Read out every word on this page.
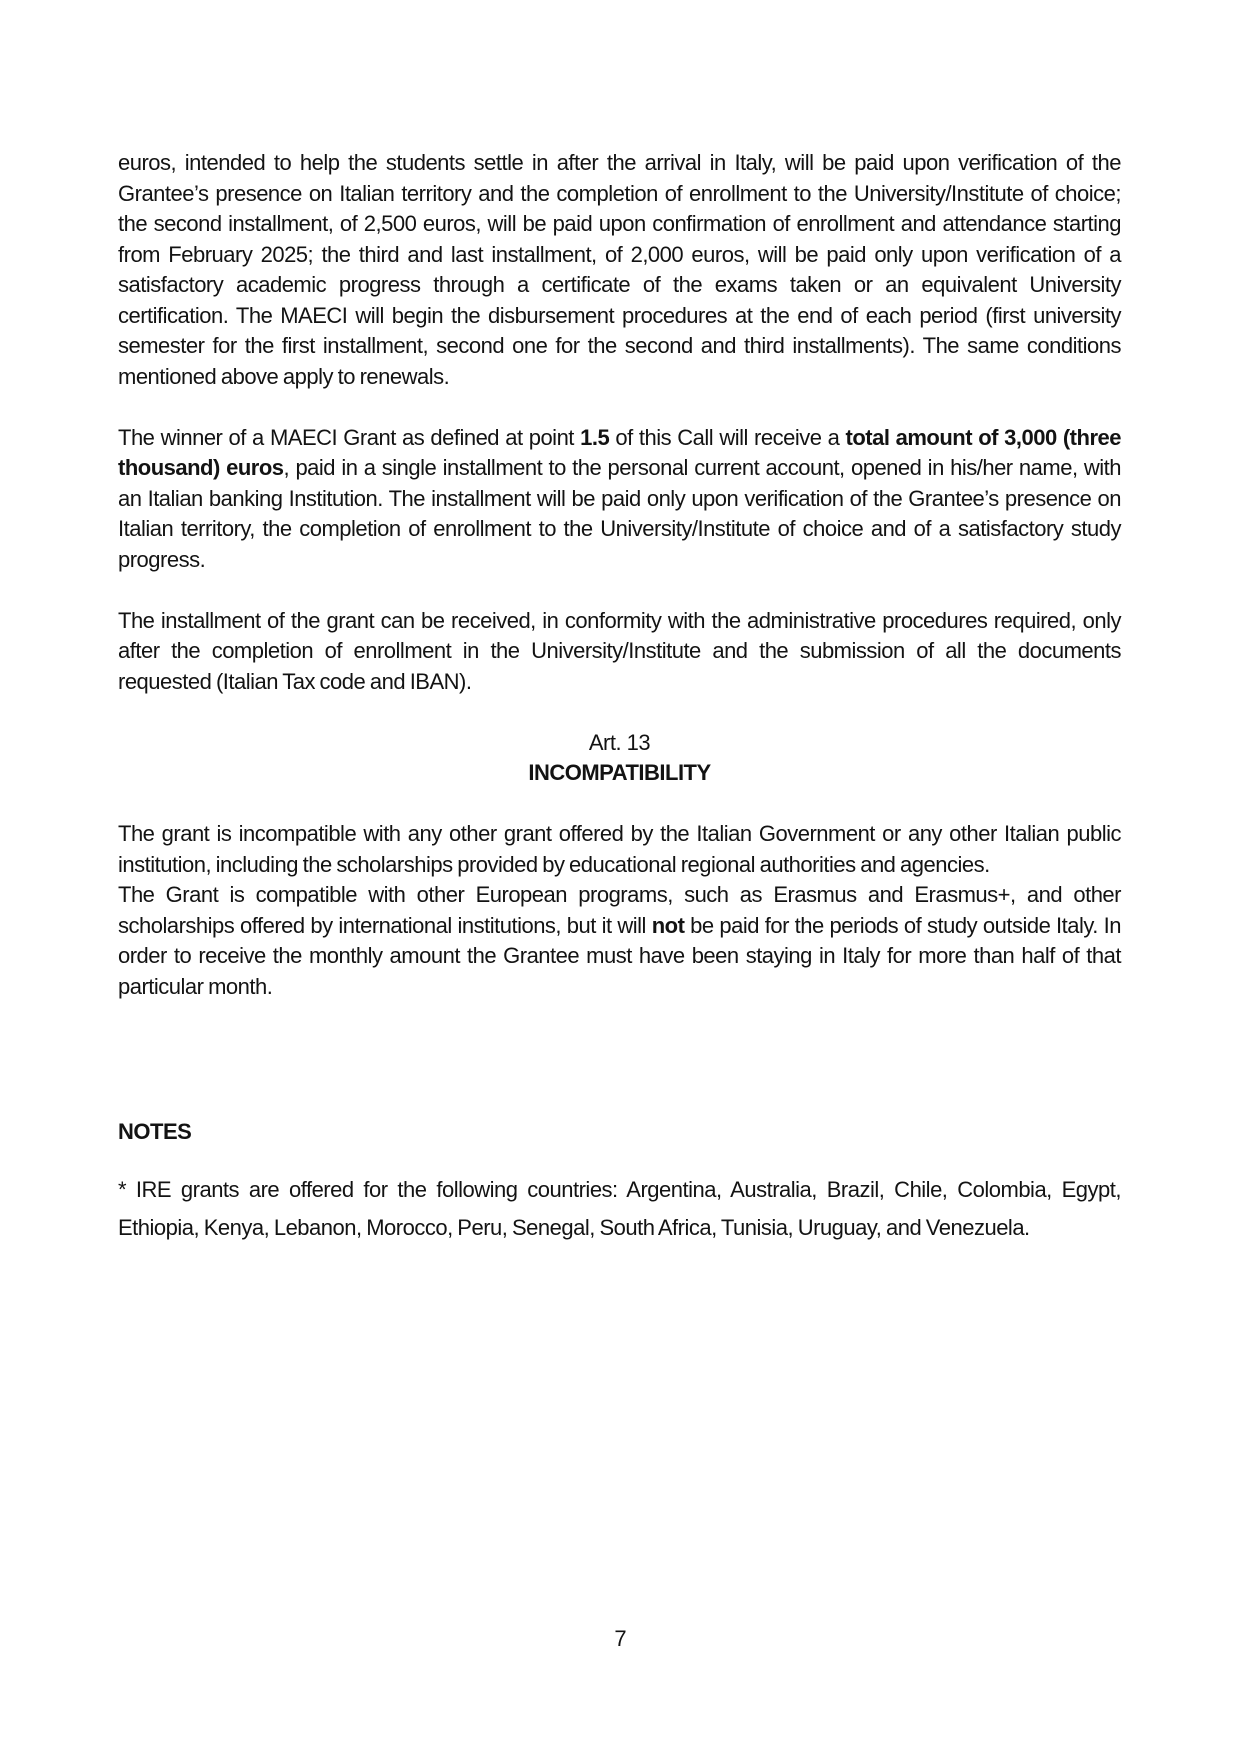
euros, intended to help the students settle in after the arrival in Italy, will be paid upon verification of the Grantee’s presence on Italian territory and the completion of enrollment to the University/Institute of choice; the second installment, of 2,500 euros, will be paid upon confirmation of enrollment and attendance starting from February 2025; the third and last installment, of 2,000 euros, will be paid only upon verification of a satisfactory academic progress through a certificate of the exams taken or an equivalent University certification. The MAECI will begin the disbursement procedures at the end of each period (first university semester for the first installment, second one for the second and third installments). The same conditions mentioned above apply to renewals.

The winner of a MAECI Grant as defined at point 1.5 of this Call will receive a total amount of 3,000 (three thousand) euros, paid in a single installment to the personal current account, opened in his/her name, with an Italian banking Institution. The installment will be paid only upon verification of the Grantee’s presence on Italian territory, the completion of enrollment to the University/Institute of choice and of a satisfactory study progress.

The installment of the grant can be received, in conformity with the administrative procedures required, only after the completion of enrollment in the University/Institute and the submission of all the documents requested (Italian Tax code and IBAN).

Art. 13
INCOMPATIBILITY

The grant is incompatible with any other grant offered by the Italian Government or any other Italian public institution, including the scholarships provided by educational regional authorities and agencies.

The Grant is compatible with other European programs, such as Erasmus and Erasmus+, and other scholarships offered by international institutions, but it will not be paid for the periods of study outside Italy. In order to receive the monthly amount the Grantee must have been staying in Italy for more than half of that particular month.

NOTES

* IRE grants are offered for the following countries: Argentina, Australia, Brazil, Chile, Colombia, Egypt, Ethiopia, Kenya, Lebanon, Morocco, Peru, Senegal, South Africa, Tunisia, Uruguay, and Venezuela.

7
